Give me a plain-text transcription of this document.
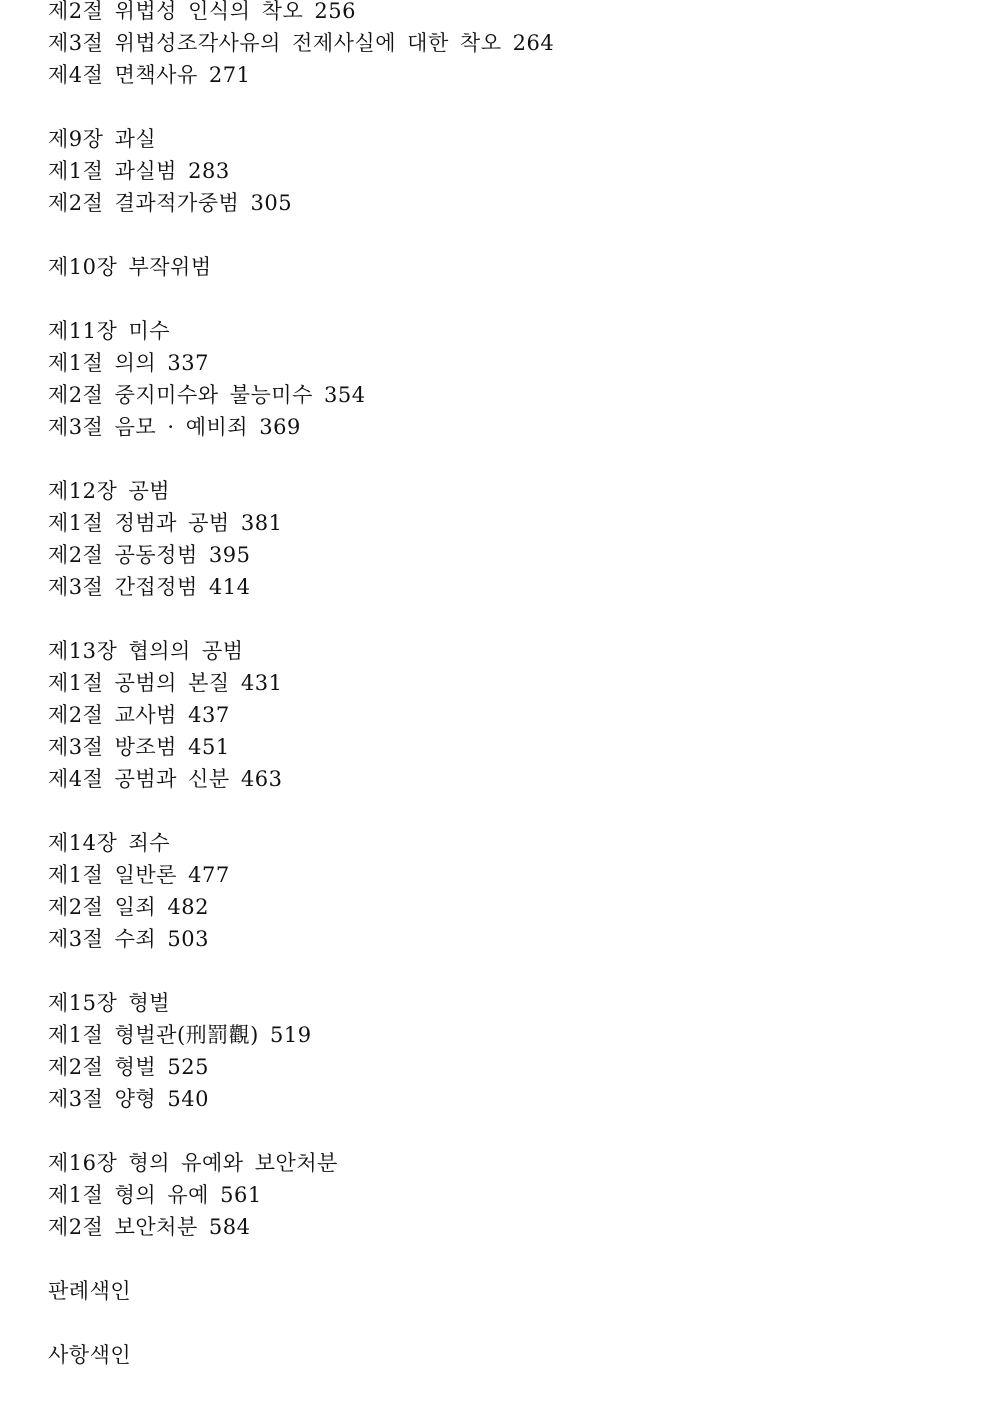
제2절 위법성 인식의 착오 256
제3절 위법성조각사유의 전제사실에 대한 착오 264
제4절 면책사유 271
제9장 과실
제1절 과실범 283
제2절 결과적가중범 305
제10장 부작위범
제11장 미수
제1절 의의 337
제2절 중지미수와 불능미수 354
제3절 음모 · 예비죄 369
제12장 공범
제1절 정범과 공범 381
제2절 공동정범 395
제3절 간접정범 414
제13장 협의의 공범
제1절 공범의 본질 431
제2절 교사범 437
제3절 방조범 451
제4절 공범과 신분 463
제14장 죄수
제1절 일반론 477
제2절 일죄 482
제3절 수죄 503
제15장 형벌
제1절 형벌관(刑罰觀) 519
제2절 형벌 525
제3절 양형 540
제16장 형의 유예와 보안처분
제1절 형의 유예 561
제2절 보안처분 584
판례색인
사항색인
